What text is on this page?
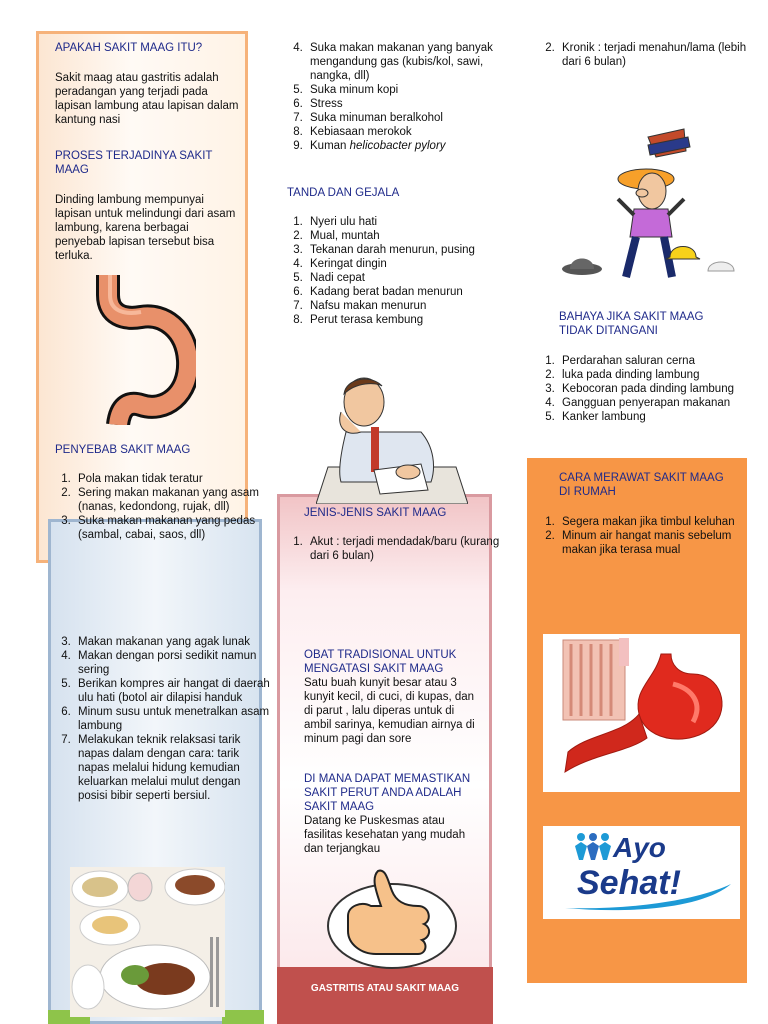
APAKAH SAKIT MAAG ITU?

Sakit maag atau gastritis adalah peradangan yang terjadi pada lapisan lambung atau lapisan dalam kantung nasi

PROSES TERJADINYA SAKIT MAAG

Dinding lambung mempunyai lapisan untuk melindungi dari asam lambung, karena berbagai penyebab lapisan tersebut bisa terluka.

PENYEBAB SAKIT MAAG

1. Pola makan tidak teratur
2. Sering makan makanan yang asam (nanas, kedondong, rujak, dll)
3. Suka makan makanan yang pedas (sambal, cabai, saos, dll)
3. Makan makanan yang agak lunak
4. Makan dengan porsi sedikit namun sering
5. Berikan kompres air hangat di daerah ulu hati (botol air dilapisi handuk
6. Minum susu untuk menetralkan asam lambung
7. Melakukan teknik relaksasi tarik napas dalam dengan cara: tarik napas melalui hidung kemudian keluarkan melalui mulut dengan posisi bibir seperti bersiul.
4. Suka makan makanan yang banyak mengandung gas (kubis/kol, sawi, nangka, dll)
5. Suka minum kopi
6. Stress
7. Suka minuman beralkohol
8. Kebiasaan merokok
9. Kuman helicobacter pylory

TANDA DAN GEJALA

1. Nyeri ulu hati
2. Mual, muntah
3. Tekanan darah menurun, pusing
4. Keringat dingin
5. Nadi cepat
6. Kadang berat badan menurun
7. Nafsu makan menurun
8. Perut terasa kembung

JENIS-JENIS SAKIT MAAG

1. Akut : terjadi mendadak/baru (kurang dari 6 bulan)

OBAT TRADISIONAL UNTUK MENGATASI SAKIT MAAG

Satu buah kunyit besar atau 3 kunyit kecil, di cuci, di kupas, dan di parut , lalu diperas untuk di ambil sarinya, kemudian airnya di minum pagi dan sore

DI MANA DAPAT MEMASTIKAN SAKIT PERUT ANDA ADALAH SAKIT MAAG

Datang ke Puskesmas atau fasilitas kesehatan yang mudah dan terjangkau

GASTRITIS ATAU SAKIT MAAG
2. Kronik : terjadi menahun/lama (lebih dari 6 bulan)

BAHAYA JIKA SAKIT MAAG TIDAK DITANGANI

1. Perdarahan saluran cerna
2. luka pada dinding lambung
3. Kebocoran pada dinding lambung
4. Gangguan penyerapan makanan
5. Kanker lambung

CARA MERAWAT SAKIT MAAG DI RUMAH

1. Segera makan jika timbul keluhan
2. Minum air hangat manis sebelum makan jika terasa mual
Ayo
Sehat!
